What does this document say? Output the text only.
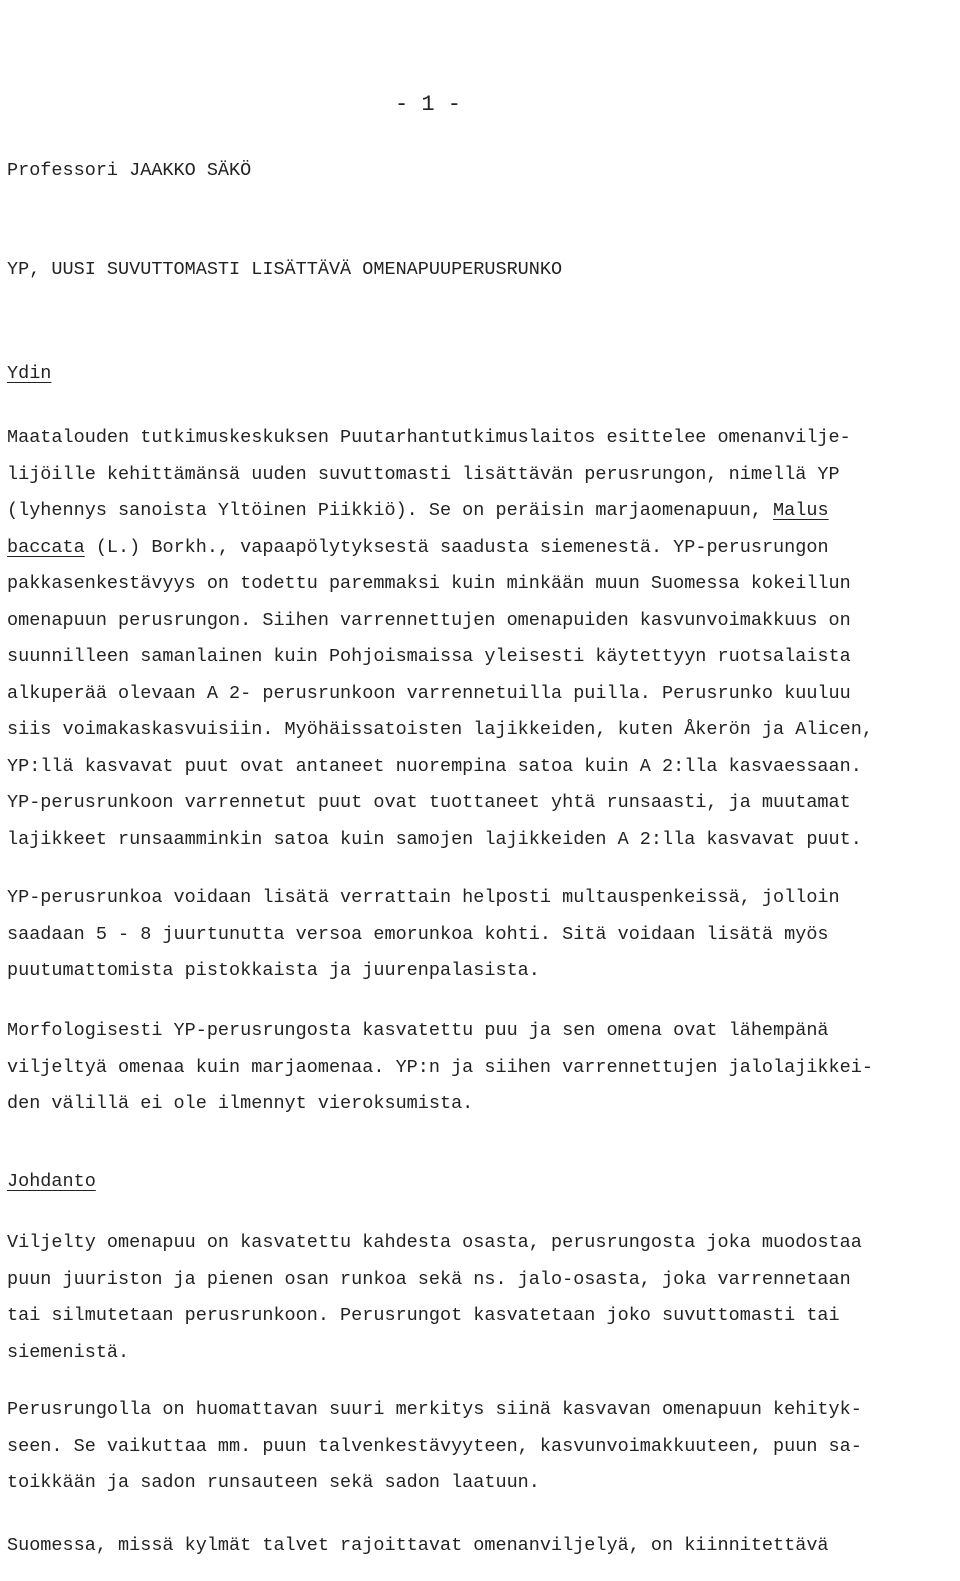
- 1 -
Professori JAAKKO SÄKÖ
YP, UUSI SUVUTTOMASTI LISÄTTÄVÄ OMENAPUUPERUSRUNKO
Ydin
Maatalouden tutkimuskeskuksen Puutarhantutkimuslaitos esittelee omenanvilje-
lijöille kehittämänsä uuden suvuttomasti lisättävän perusrungon, nimellä YP
(lyhennys sanoista Yltöinen Piikkiö). Se on peräisin marjaomenapuun, Malus
baccata (L.) Borkh., vapaapölytyksestä saadusta siemenestä. YP-perusrungon
pakkasenkestävyys on todettu paremmaksi kuin minkään muun Suomessa kokeillun
omenapuun perusrungon. Siihen varrennettujen omenapuiden kasvunvoimakkuus on
suunnilleen samanlainen kuin Pohjoismaissa yleisesti käytettyyn ruotsalaista
alkuperää olevaan A 2- perusrunkoon varrennetuilla puilla. Perusrunko kuuluu
siis voimakaskasvuisiin. Myöhäissatoisten lajikkeiden, kuten Åkerön ja Alicen,
YP:llä kasvavat puut ovat antaneet nuorempina satoa kuin A 2:lla kasvaessaan.
YP-perusrunkoon varrennetut puut ovat tuottaneet yhtä runsaasti, ja muutamat
lajikkeet runsaamminkin satoa kuin samojen lajikkeiden A 2:lla kasvavat puut.
YP-perusrunkoa voidaan lisätä verrattain helposti multauspenkeissä, jolloin
saadaan 5 - 8 juurtunutta versoa emorunkoa kohti. Sitä voidaan lisätä myös
puutumattomista pistokkaista ja juurenpalasista.
Morfologisesti YP-perusrungosta kasvatettu puu ja sen omena ovat lähempänä
viljeltyä omenaa kuin marjaomenaa. YP:n ja siihen varrennettujen jalolajikkei-
den välillä ei ole ilmennyt vieroksumista.
Johdanto
Viljelty omenapuu on kasvatettu kahdesta osasta, perusrungosta joka muodostaa
puun juuriston ja pienen osan runkoa sekä ns. jalo-osasta, joka varrennetaan
tai silmutetaan perusrunkoon. Perusrungot kasvatetaan joko suvuttomasti tai
siemenistä.
Perusrungolla on huomattavan suuri merkitys siinä kasvavan omenapuun kehityk-
seen. Se vaikuttaa mm. puun talvenkestävyyteen, kasvunvoimakkuuteen, puun sa-
toikkään ja sadon runsauteen sekä sadon laatuun.
Suomessa, missä kylmät talvet rajoittavat omenanviljelyä, on kiinnitettävä
